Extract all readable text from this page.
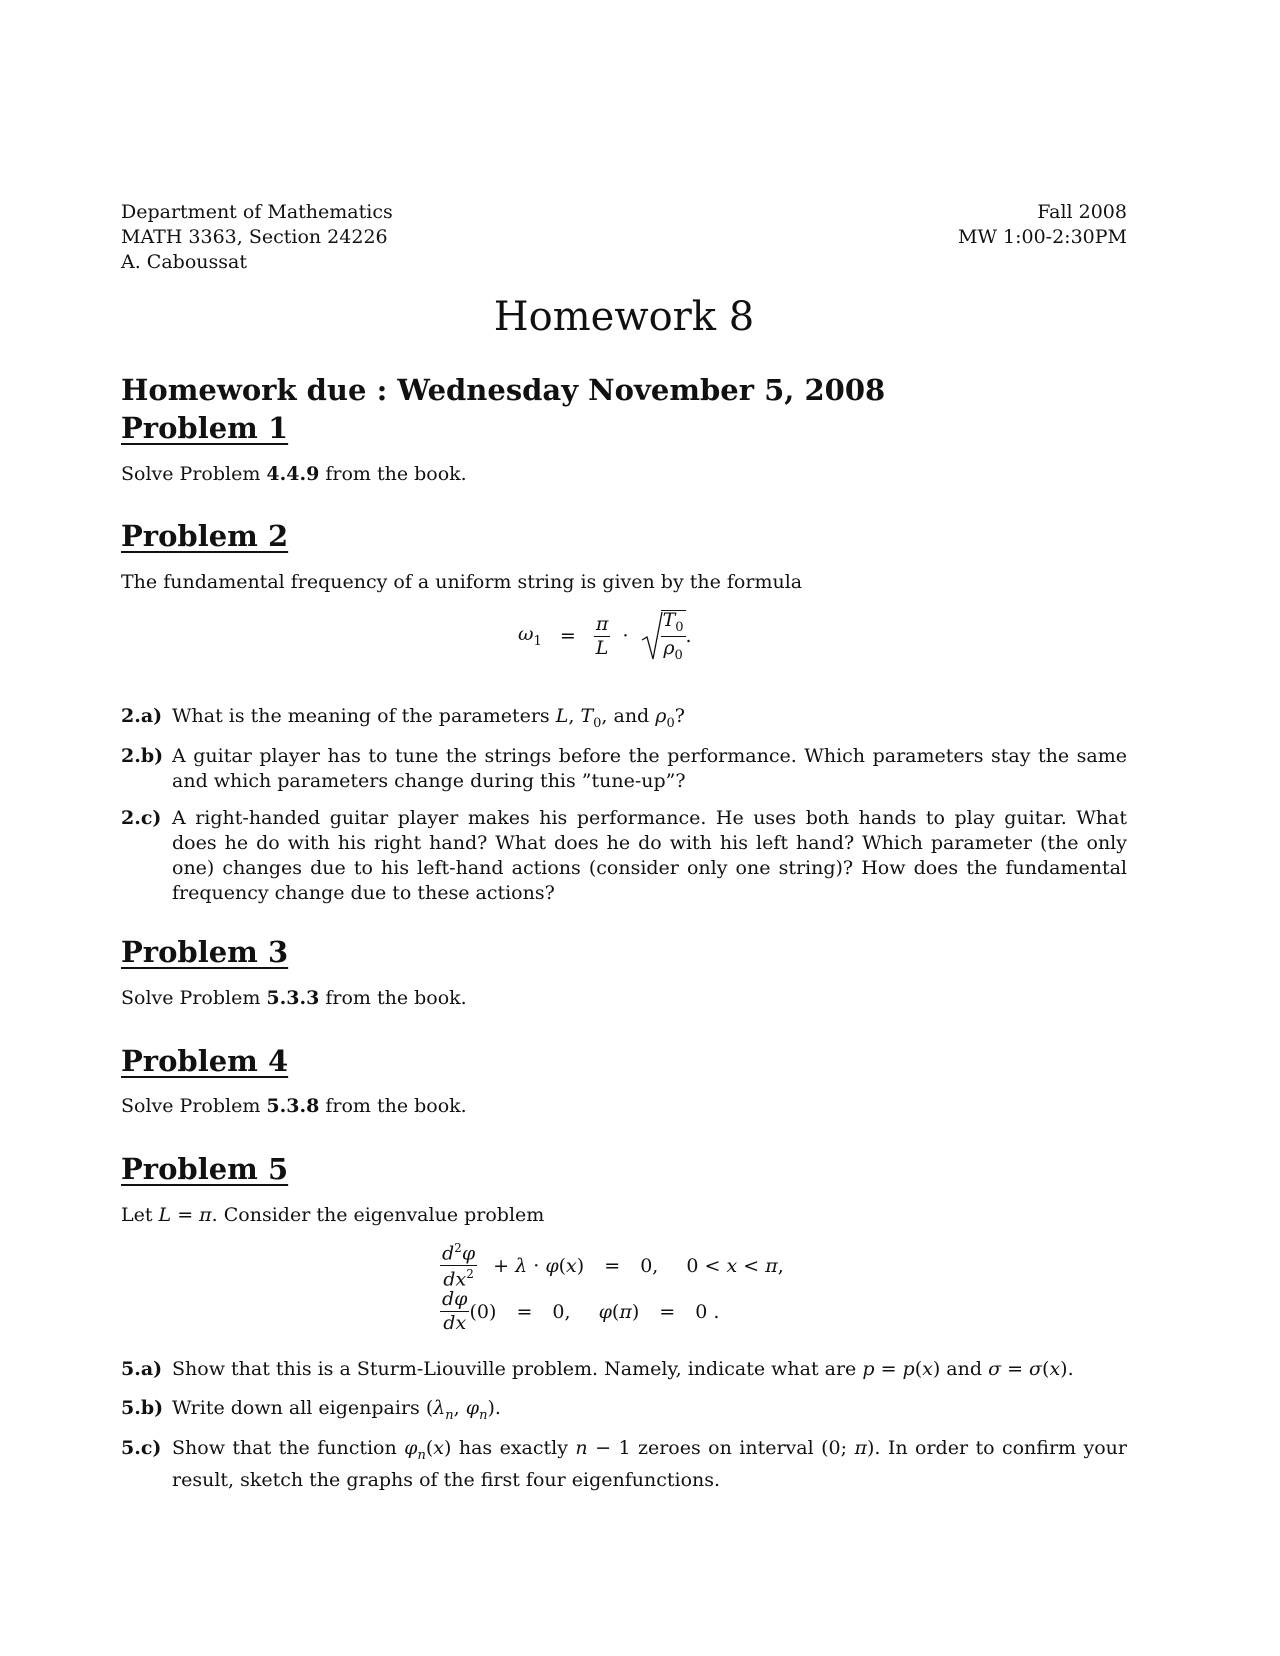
Department of Mathematics
MATH 3363, Section 24226
A. Caboussat
Fall 2008
MW 1:00-2:30PM
Homework 8
Homework due : Wednesday November 5, 2008
Problem 1
Solve Problem 4.4.9 from the book.
Problem 2
The fundamental frequency of a uniform string is given by the formula
$\omega_1 = \frac{\pi}{L} \cdot \frac{T_0}{\rho_0}$ .
2.a) What is the meaning of the parameters L, $T_0$, and $\rho_0$?
2.b) A guitar player has to tune the strings before the performance. Which parameters stay the same and which parameters change during this ”tune-up”?
2.c) A right-handed guitar player makes his performance. He uses both hands to play guitar. What does he do with his right hand? What does he do with his left hand? Which parameter (the only one) changes due to his left-hand actions (consider only one string)? How does the fundamental frequency change due to these actions?
Problem 3
Solve Problem 5.3.3 from the book.
Problem 4
Solve Problem 5.3.8 from the book.
Problem 5
Let L = π. Consider the eigenvalue problem
$\frac{d^2\varphi}{dx^2} + \lambda \cdot \varphi(x) = 0$, 0 < x < π,
$\frac{d\varphi}{dx} (0) = 0$, φ(π) = 0 .
5.a) Show that this is a Sturm-Liouville problem. Namely, indicate what are p = p(x) and σ = σ(x).
5.b) Write down all eigenpairs ($\lambda_n$, $\varphi_n$).
5.c) Show that the function $\varphi_n(x)$ has exactly n − 1 zeroes on interval (0; π). In order to confirm your result, sketch the graphs of the first four eigenfunctions.
